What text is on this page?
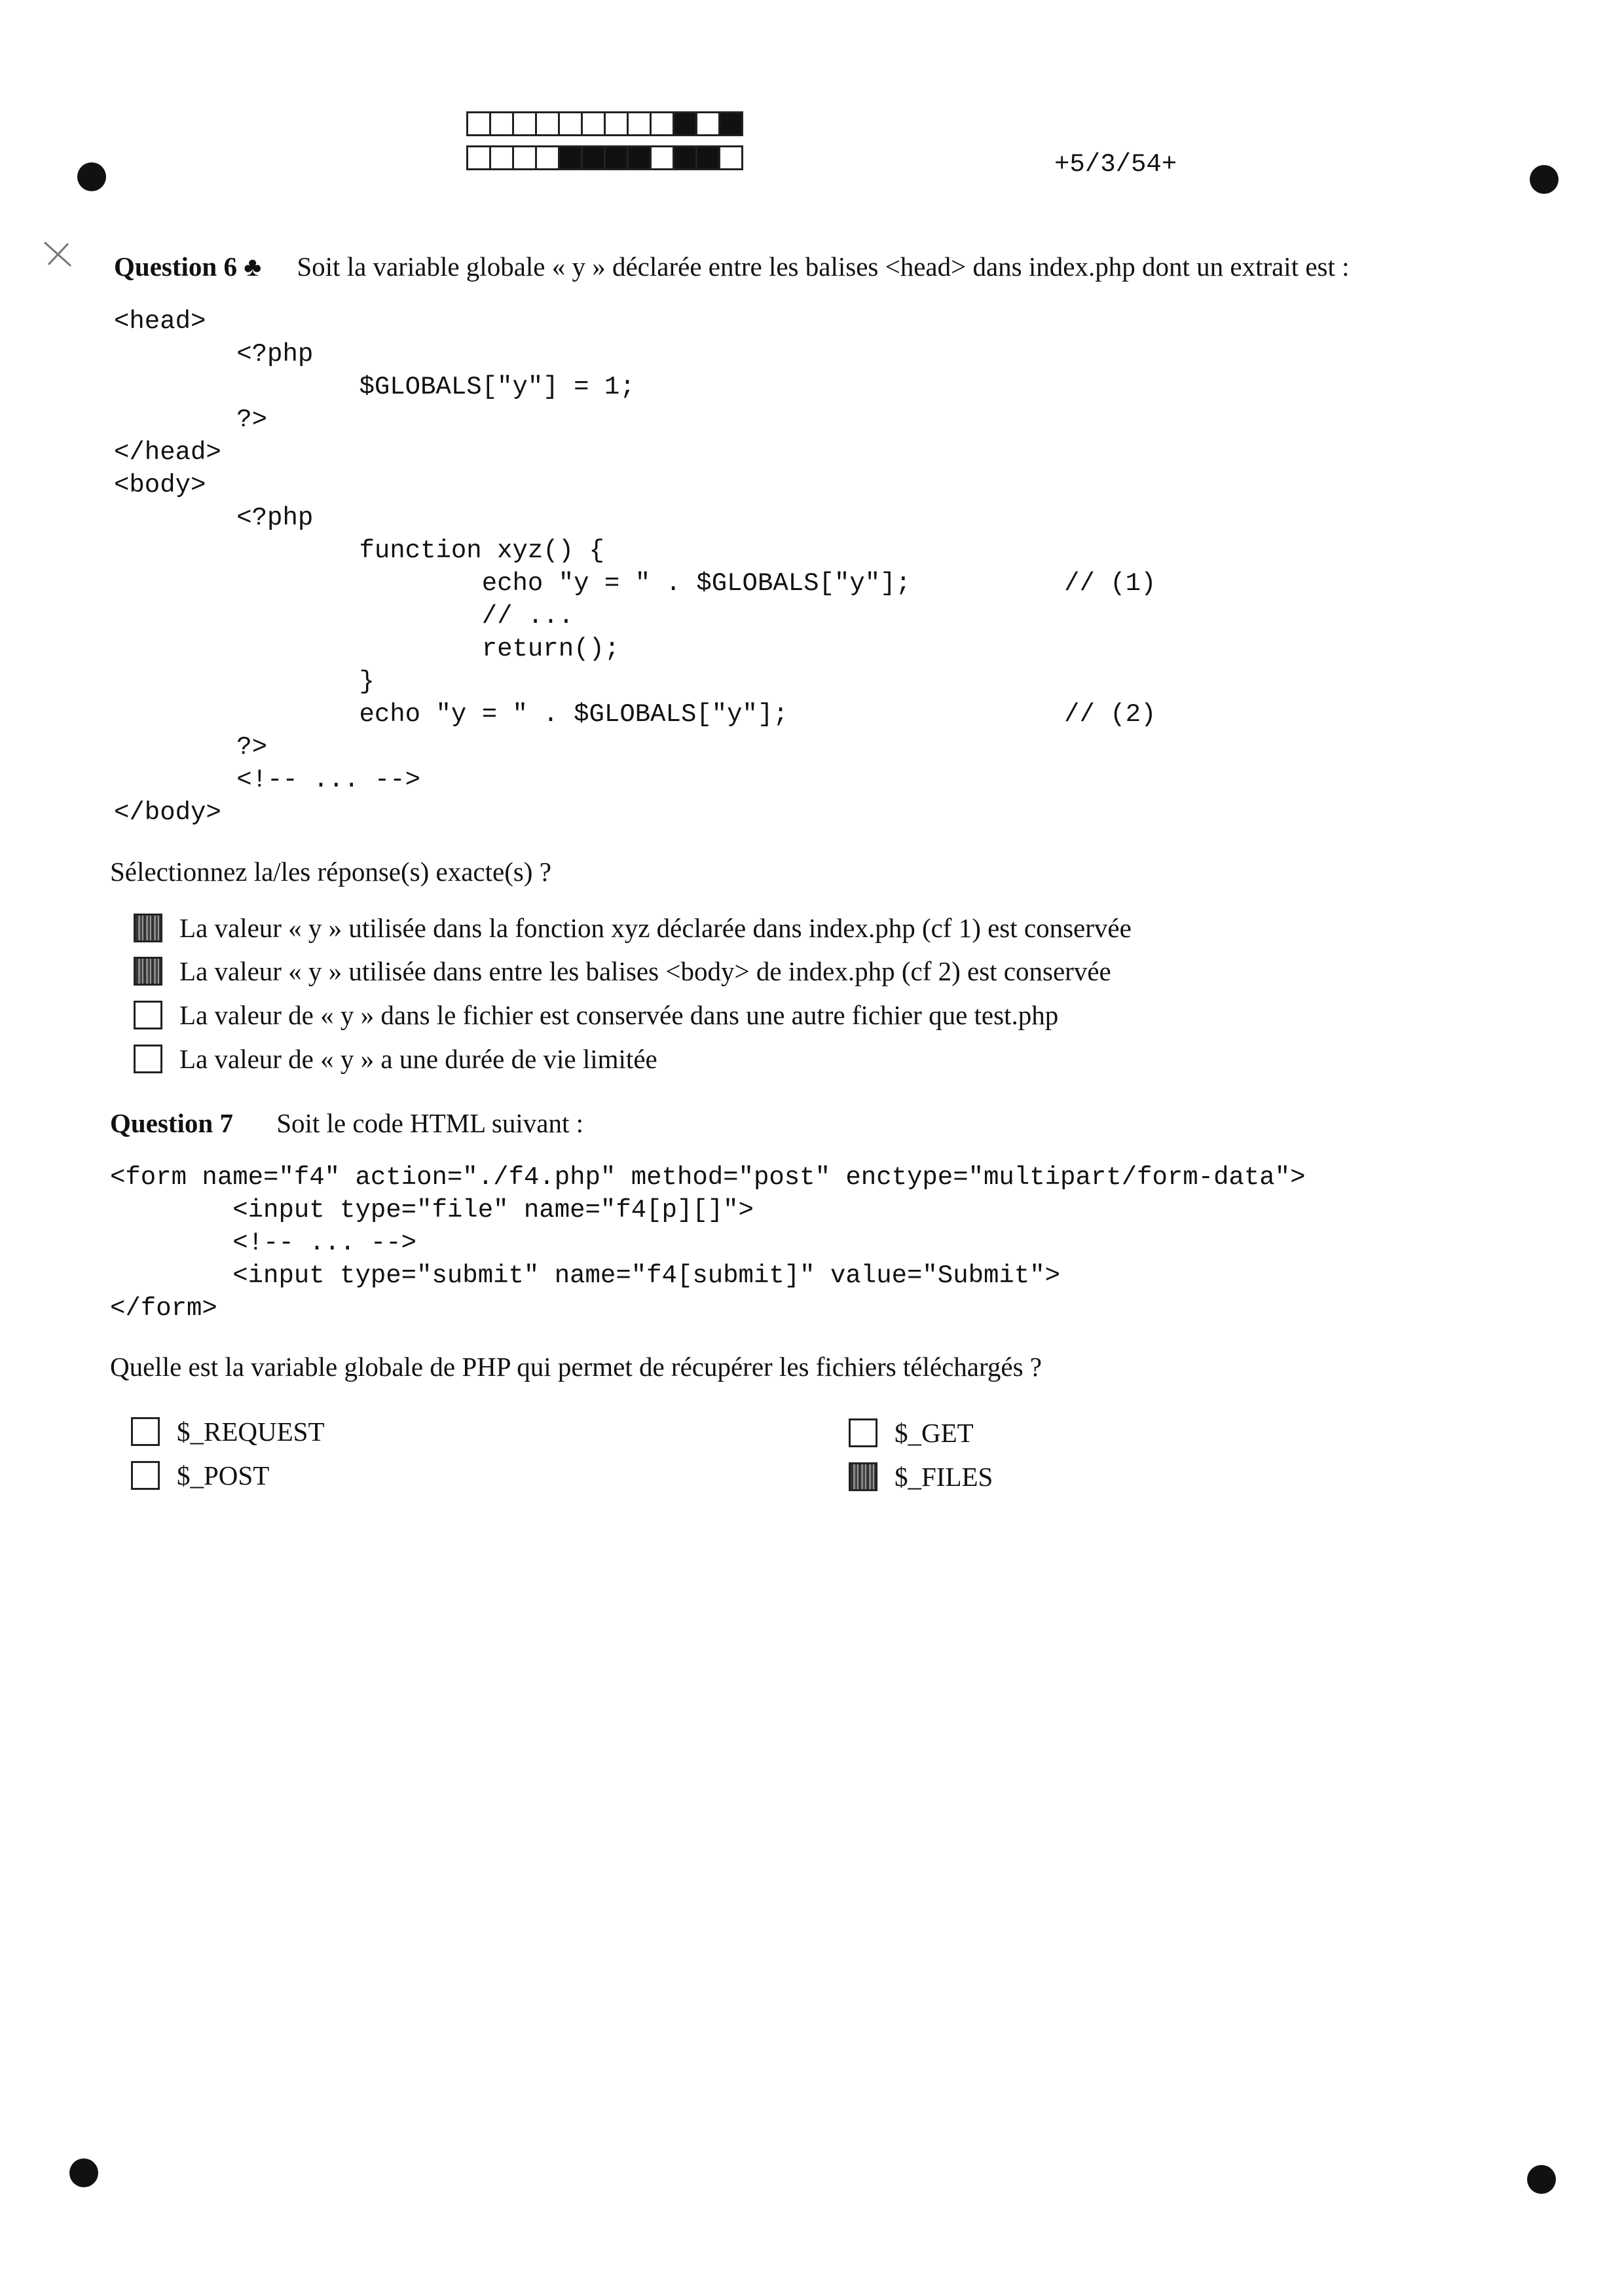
+5/3/54+
Question 6 ♣ Soit la variable globale « y » déclarée entre les balises <head> dans index.php dont un extrait est :
<head>
<?php
$GLOBALS["y"] = 1;
?>
</head>
<body>
<?php
function xyz() {
echo "y = " . $GLOBALS["y"];          // (1)
// ...
return();
}
echo "y = " . $GLOBALS["y"];                  // (2)
?>
<!-- ... -->
</body>
Sélectionnez la/les réponse(s) exacte(s) ?
La valeur « y » utilisée dans la fonction xyz déclarée dans index.php (cf 1) est conservée
La valeur « y » utilisée dans entre les balises <body> de index.php (cf 2) est conservée
La valeur de « y » dans le fichier est conservée dans une autre fichier que test.php
La valeur de « y » a une durée de vie limitée
Question 7 Soit le code HTML suivant :
<form name="f4" action="./f4.php" method="post" enctype="multipart/form-data">
<input type="file" name="f4[p][]">
<!-- ... -->
<input type="submit" name="f4[submit]" value="Submit">
</form>
Quelle est la variable globale de PHP qui permet de récupérer les fichiers téléchargés ?
$_REQUEST
$_POST
$_GET
$_FILES
